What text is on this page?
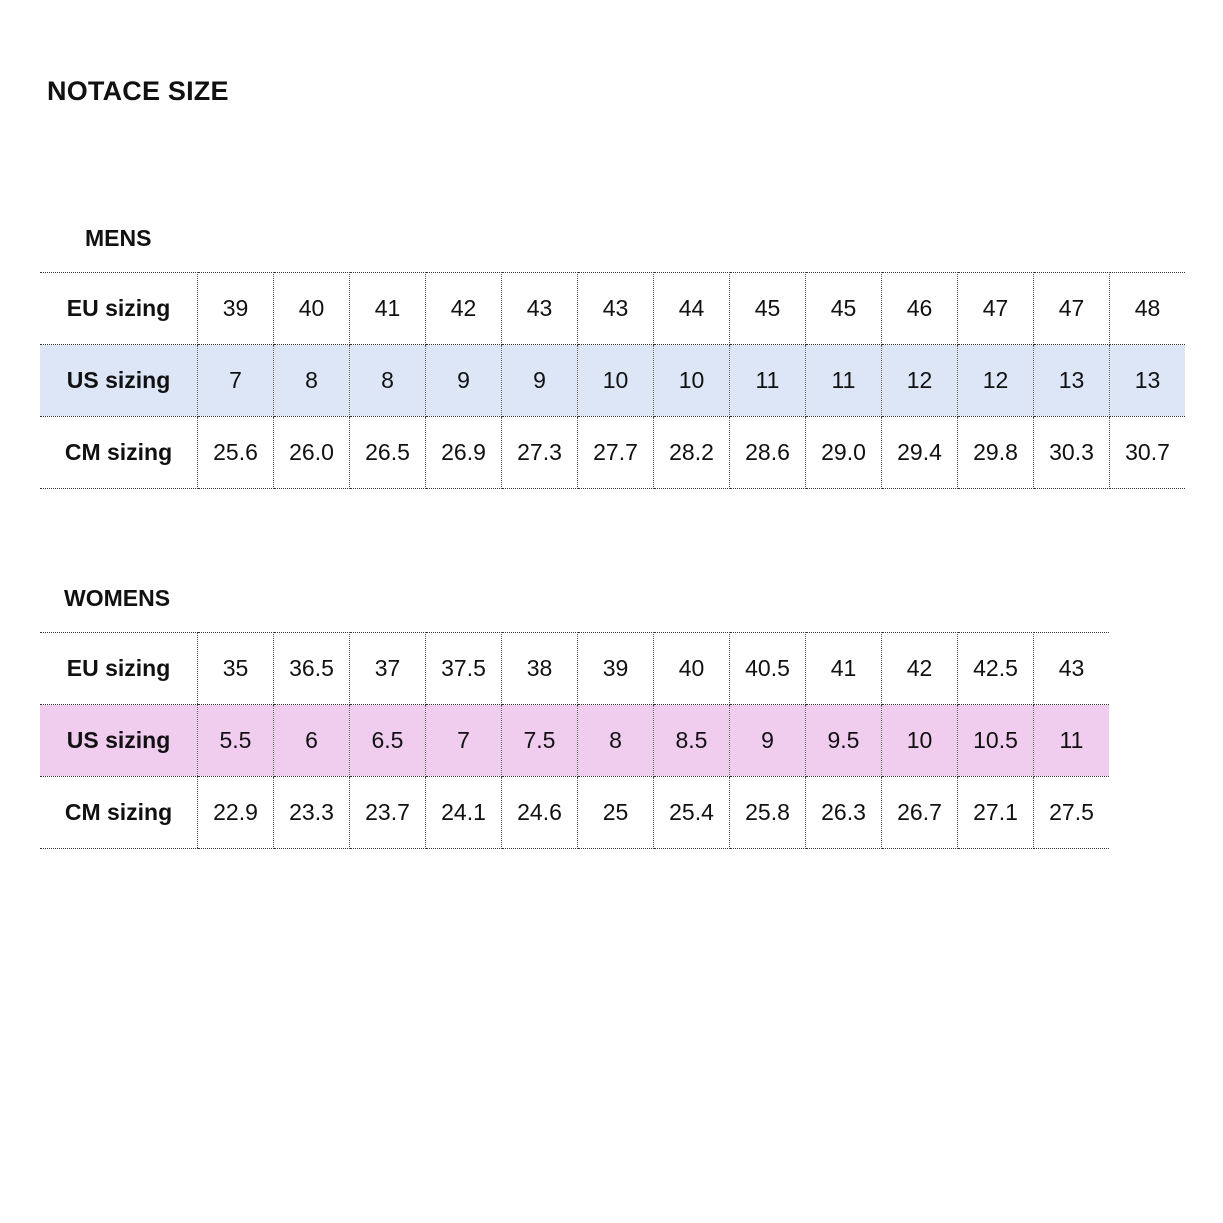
NOTACE SIZE
MENS
EU sizing	39	40	41	42	43	43	44	45	45	46	47	47	48
US sizing	7	8	8	9	9	10	10	11	11	12	12	13	13
CM sizing	25.6	26.0	26.5	26.9	27.3	27.7	28.2	28.6	29.0	29.4	29.8	30.3	30.7
WOMENS
EU sizing	35	36.5	37	37.5	38	39	40	40.5	41	42	42.5	43
US sizing	5.5	6	6.5	7	7.5	8	8.5	9	9.5	10	10.5	11
CM sizing	22.9	23.3	23.7	24.1	24.6	25	25.4	25.8	26.3	26.7	27.1	27.5
